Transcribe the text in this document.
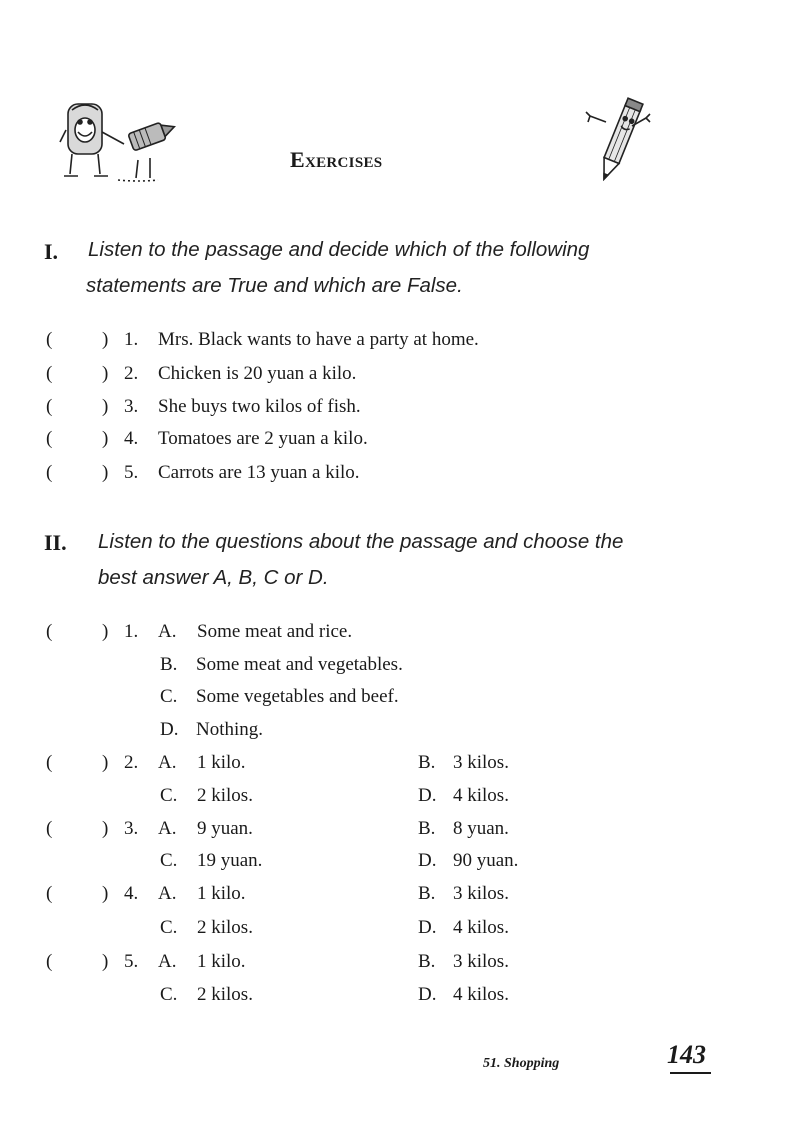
Exercises
I. Listen to the passage and decide which of the following
statements are True and which are False.
(	) 1. Mrs. Black wants to have a party at home.
(	) 2. Chicken is 20 yuan a kilo.
(	) 3. She buys two kilos of fish.
(	) 4. Tomatoes are 2 yuan a kilo.
(	) 5. Carrots are 13 yuan a kilo.
II. Listen to the questions about the passage and choose the
best answer A, B, C or D.
(	) 1. A. Some meat and rice.
B. Some meat and vegetables.
C. Some vegetables and beef.
D. Nothing.
(	) 2. A. 1 kilo.	B. 3 kilos.
C. 2 kilos.	D. 4 kilos.
(	) 3. A. 9 yuan.	B. 8 yuan.
C. 19 yuan.	D. 90 yuan.
(	) 4. A. 1 kilo.	B. 3 kilos.
C. 2 kilos.	D. 4 kilos.
(	) 5. A. 1 kilo.	B. 3 kilos.
C. 2 kilos.	D. 4 kilos.
51. Shopping	143
